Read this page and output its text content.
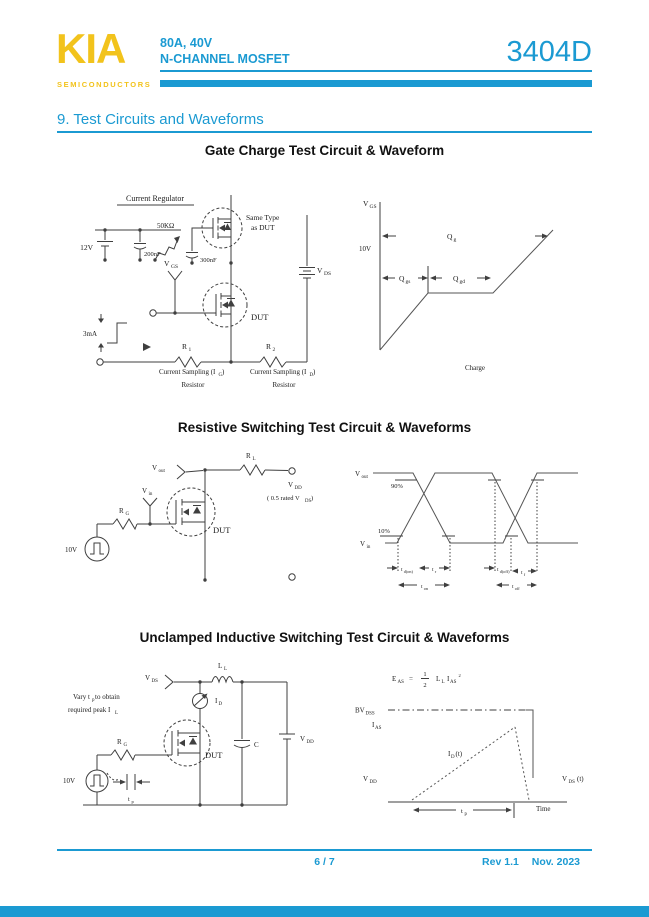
KIA
SEMICONDUCTORS
80A, 40V
N-CHANNEL MOSFET	3404D
9. Test Circuits and Waveforms
Gate Charge Test Circuit & Waveform
Current Regulator
12V
200nF
50KΩ
300nF
Same Type
as DUT
V GS	V DS
DUT
3mA
R 1	R 2
Current Sampling (I G )
Resistor
Current Sampling (I D )
Resistor
V GS
10V
Q g
Q gs	Q gd
Charge
Resistive Switching Test Circuit & Waveforms
V out
V in
R G
R L
10V
DUT
V DD
( 0.5 rated V DS )
V out
90%
V in
10%
t d(on)	t r
t on
t d(off) t f
t off
Unclamped Inductive Switching Test Circuit & Waveforms
Vary t p to obtain
required peak I L
V DS
L L
I D
R G
10V
t p
DUT
C
V DD
E AS =
1
2
L L I AS
2
BV DSS
I AS
I D (t)
V DD	V DS (t)
t p
Time
6 / 7	Rev 1.1 Nov. 2023
